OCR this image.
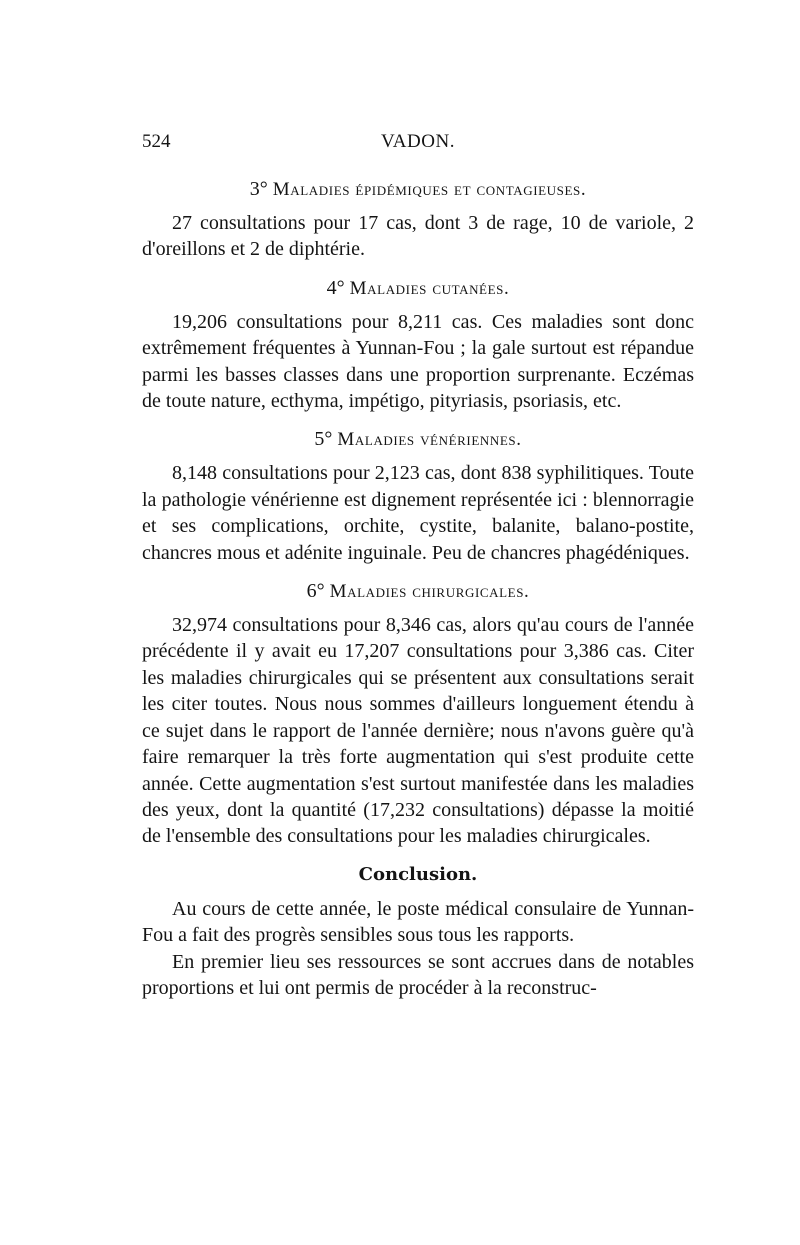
524	VADON.
3° Maladies épidémiques et contagieuses.

27 consultations pour 17 cas, dont 3 de rage, 10 de variole, 2 d'oreillons et 2 de diphtérie.

4° Maladies cutanées.

19,206 consultations pour 8,211 cas. Ces maladies sont donc extrêmement fréquentes à Yunnan-Fou ; la gale surtout est répandue parmi les basses classes dans une proportion surprenante. Eczémas de toute nature, ecthyma, impétigo, pityriasis, psoriasis, etc.

5° Maladies vénériennes.

8,148 consultations pour 2,123 cas, dont 838 syphilitiques. Toute la pathologie vénérienne est dignement représentée ici : blennorragie et ses complications, orchite, cystite, balanite, balano-postite, chancres mous et adénite inguinale. Peu de chancres phagédéniques.

6° Maladies chirurgicales.

32,974 consultations pour 8,346 cas, alors qu'au cours de l'année précédente il y avait eu 17,207 consultations pour 3,386 cas. Citer les maladies chirurgicales qui se présentent aux consultations serait les citer toutes. Nous nous sommes d'ailleurs longuement étendu à ce sujet dans le rapport de l'année dernière; nous n'avons guère qu'à faire remarquer la très forte augmentation qui s'est produite cette année. Cette augmentation s'est surtout manifestée dans les maladies des yeux, dont la quantité (17,232 consultations) dépasse la moitié de l'ensemble des consultations pour les maladies chirurgicales.

Conclusion.

Au cours de cette année, le poste médical consulaire de Yunnan-Fou a fait des progrès sensibles sous tous les rapports.

En premier lieu ses ressources se sont accrues dans de notables proportions et lui ont permis de procéder à la reconstruc-
